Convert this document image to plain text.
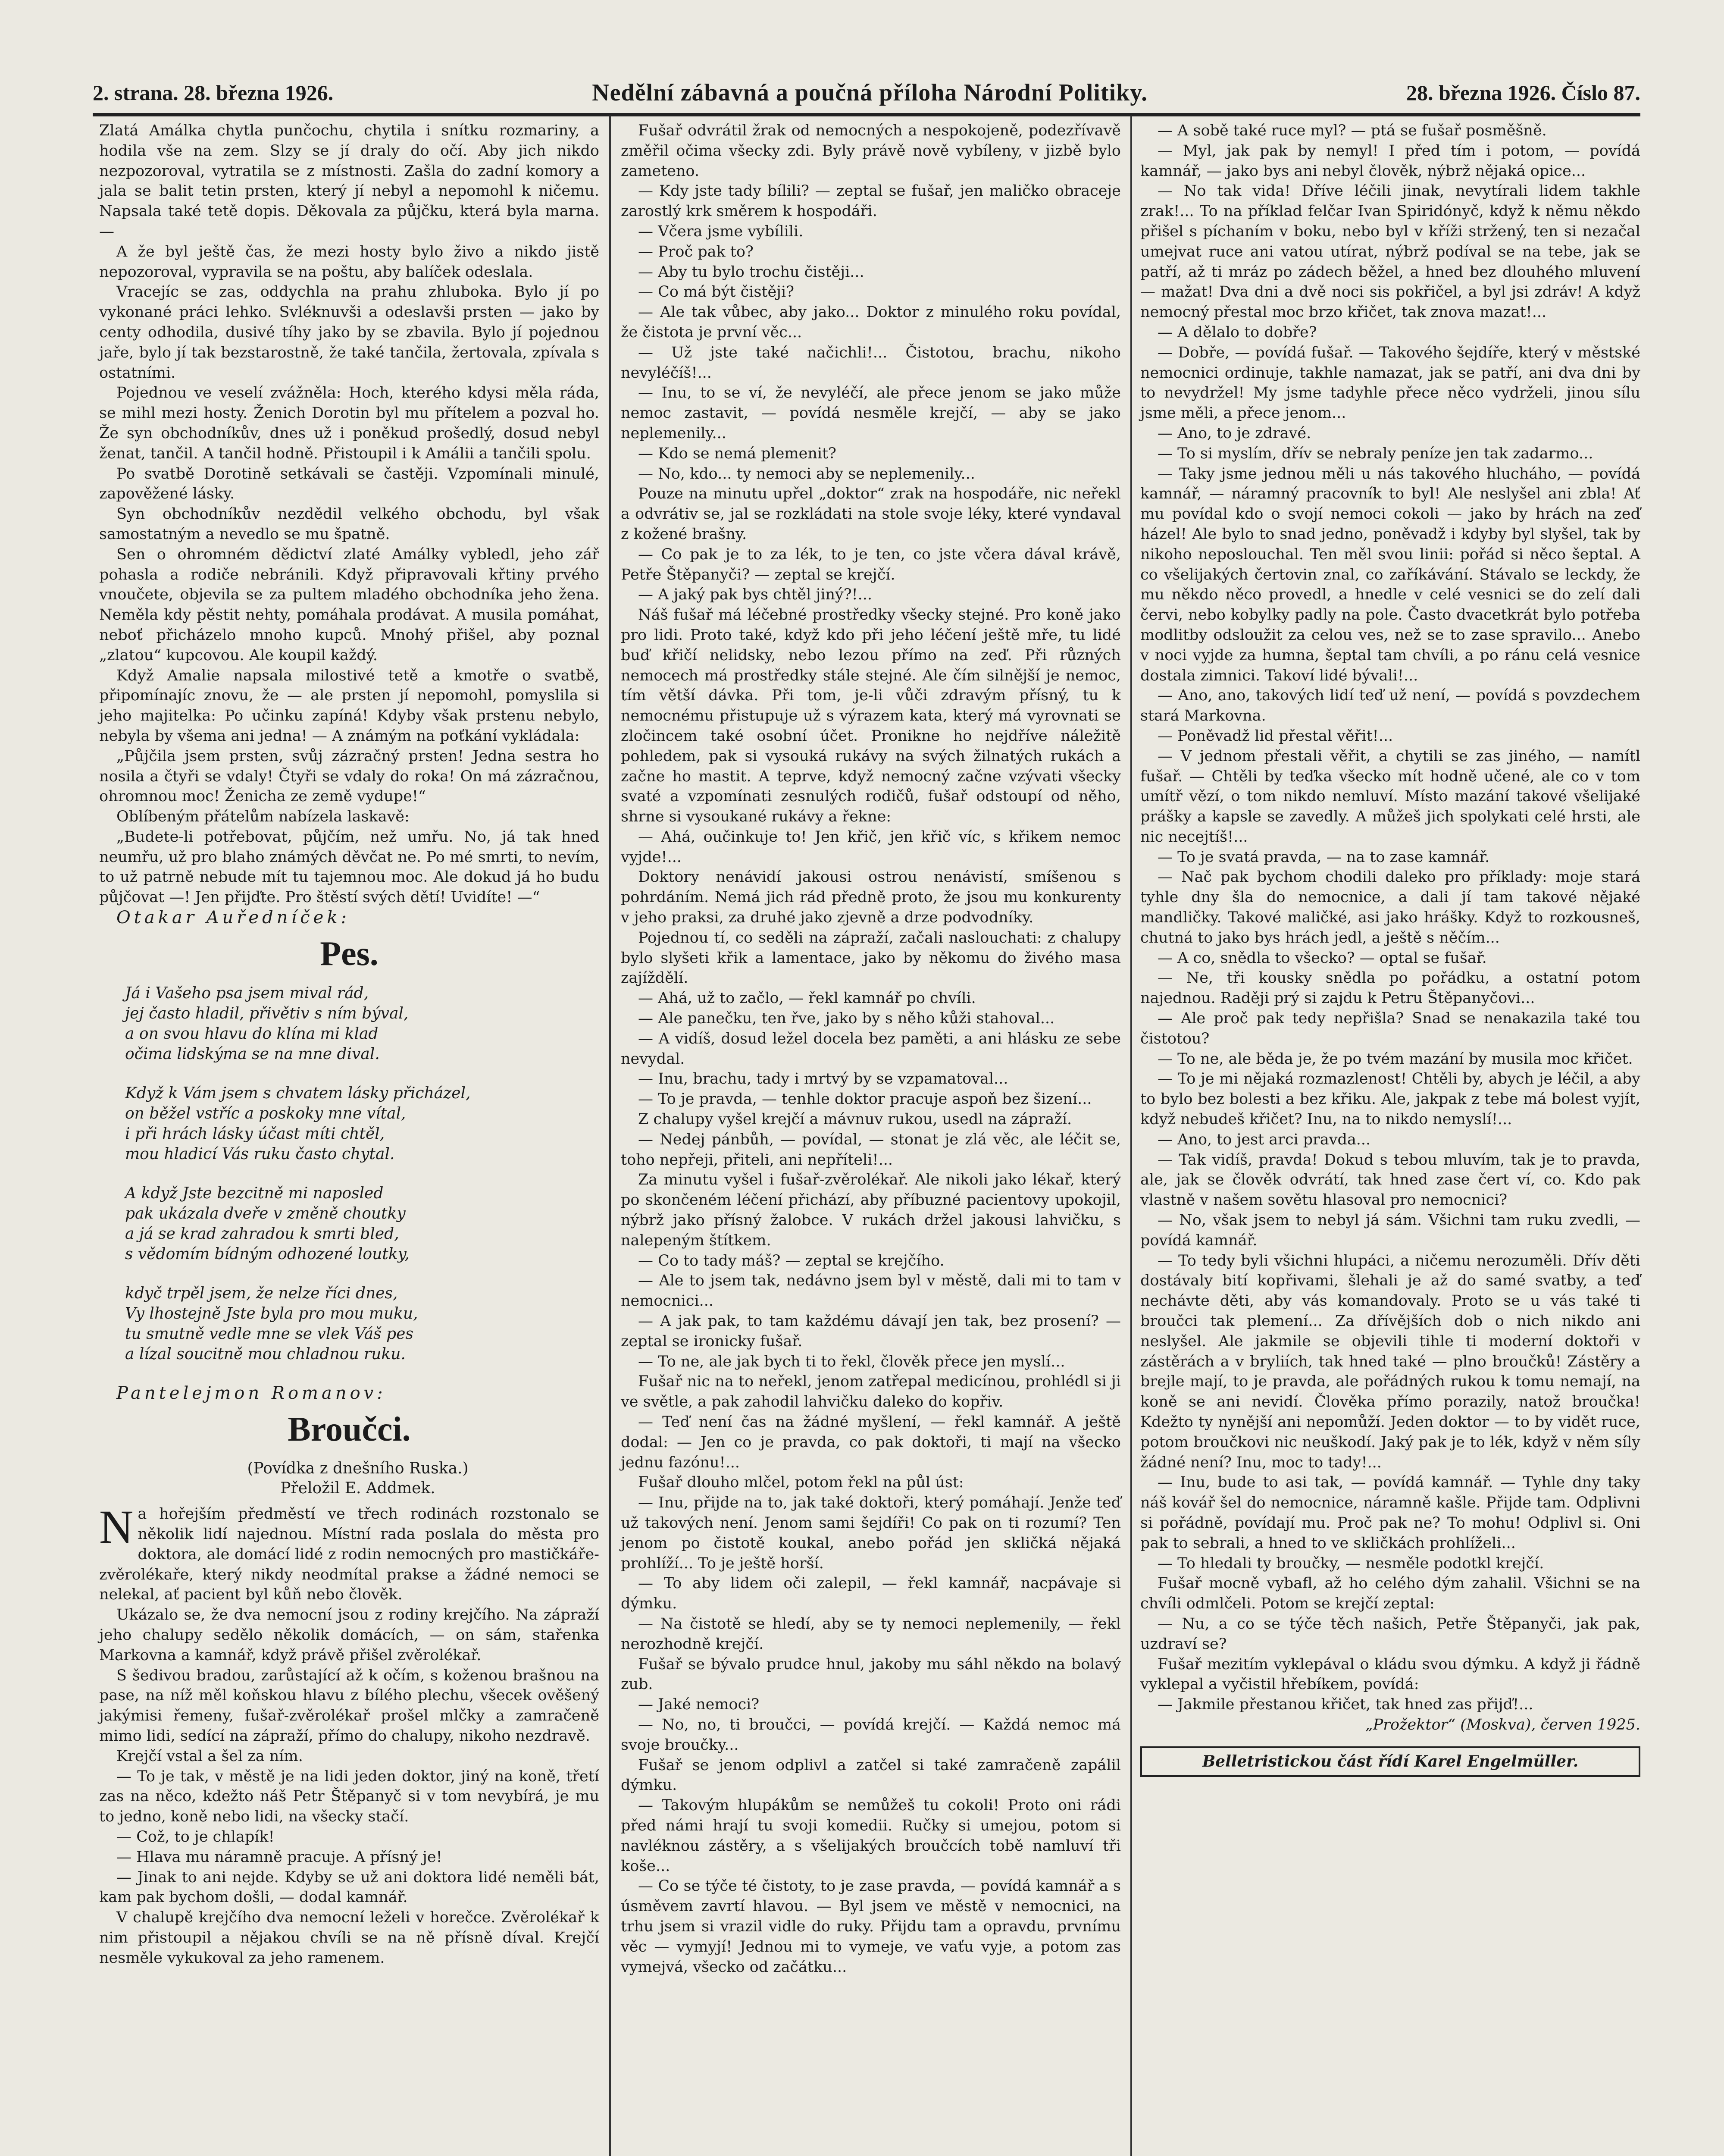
2. strana. 28. března 1926.	Nedělní zábavná a poučná příloha Národní Politiky.	28. března 1926. Číslo 87.

Zlatá Amálka chytla punčochu, chytila i snítku rozmariny, a hodila vše na zem. Slzy se jí draly do očí. Aby jich nikdo nezpozoroval, vytratila se z místnosti. Zašla do zadní komory a jala se balit tetin prsten, který jí nebyl a nepomohl k ničemu. Napsala také tetě dopis. Děkovala za půjčku, která byla marna. —

A že byl ještě čas, že mezi hosty bylo živo a nikdo jistě nepozoroval, vypravila se na poštu, aby balíček odeslala.

Vracejíc se zas, oddychla na prahu zhluboka. Bylo jí po vykonané práci lehko. Svléknuvši a odeslavši prsten — jako by centy odhodila, dusivé tíhy jako by se zbavila. Bylo jí pojednou jaře, bylo jí tak bezstarostně, že také tančila, žertovala, zpívala s ostatními.

Pojednou ve veselí zvážněla: Hoch, kterého kdysi měla ráda, se mihl mezi hosty. Ženich Dorotin byl mu přítelem a pozval ho. Že syn obchodníkův, dnes už i poněkud prošedlý, dosud nebyl ženat, tančil. A tančil hodně. Přistoupil i k Amálii a tančili spolu.

Po svatbě Dorotině setkávali se častěji. Vzpomínali minulé, zapověžené lásky.

Syn obchodníkův nezdědil velkého obchodu, byl však samostatným a nevedlo se mu špatně.

Sen o ohromném dědictví zlaté Amálky vybledl, jeho zář pohasla a rodiče nebránili. Když připravovali křtiny prvého vnoučete, objevila se za pultem mladého obchodníka jeho žena. Neměla kdy pěstit nehty, pomáhala prodávat. A musila pomáhat, neboť přicházelo mnoho kupců. Mnohý přišel, aby poznal „zlatou“ kupcovou. Ale koupil každý.

Když Amalie napsala milostivé tetě a kmotře o svatbě, připomínajíc znovu, že — ale prsten jí nepomohl, pomyslila si jeho majitelka: Po učinku zapíná! Kdyby však prstenu nebylo, nebyla by všema ani jedna! — A známým na poťkání vykládala:

„Půjčila jsem prsten, svůj zázračný prsten! Jedna sestra ho nosila a čtyři se vdaly! Čtyři se vdaly do roka! On má zázračnou, ohromnou moc! Ženicha ze země vydupe!“

Oblíbeným přátelům nabízela laskavě:

„Budete-li potřebovat, půjčím, než umřu. No, já tak hned neumřu, už pro blaho známých děvčat ne. Po mé smrti, to nevím, to už patrně nebude mít tu tajemnou moc. Ale dokud já ho budu půjčovat —! Jen přijďte. Pro štěstí svých dětí! Uvidíte! —“

Otakar Auředníček:

Pes.
Já i Vašeho psa jsem mival rád,
jej často hladil, přivětiv s ním býval,
a on svou hlavu do klína mi klad
očima lidskýma se na mne dival.
Když k Vám jsem s chvatem lásky přicházel,
on běžel vstříc a poskoky mne vítal,
i při hrách lásky účast míti chtěl,
mou hladicí Vás ruku často chytal.
A když Jste bezcitně mi naposled
pak ukázala dveře v změně choutky
a já se krad zahradou k smrti bled,
s vědomím bídným odhozené loutky,
kdyč trpěl jsem, že nelze říci dnes,
Vy lhostejně Jste byla pro mou muku,
tu smutně vedle mne se vlek Váš pes
a lízal soucitně mou chladnou ruku.

Pantelejmon Romanov:

Broučci.

(Povídka z dnešního Ruska.)

Přeložil E. Addmek.

Na hořejším předměstí ve třech rodinách rozstonalo se několik lidí najednou. Místní rada poslala do města pro doktora, ale domácí lidé z rodin nemocných pro mastičkáře-zvěrolékaře, který nikdy neodmítal prakse a žádné nemoci se nelekal, ať pacient byl kůň nebo člověk.

Ukázalo se, že dva nemocní jsou z rodiny krejčího. Na zápraží jeho chalupy sedělo několik domácích, — on sám, stařenka Markovna a kamnář, když právě přišel zvěrolékař.

S šedivou bradou, zarůstající až k očím, s koženou brašnou na pase, na níž měl koňskou hlavu z bílého plechu, všecek ověšený jakýmisi řemeny, fušař-zvěrolékař prošel mlčky a zamračeně mimo lidi, sedící na zápraží, přímo do chalupy, nikoho nezdravě.

Krejčí vstal a šel za ním.

— To je tak, v městě je na lidi jeden doktor, jiný na koně, třetí zas na něco, kdežto náš Petr Štěpanyč si v tom nevybírá, je mu to jedno, koně nebo lidi, na všecky stačí.

— Což, to je chlapík!

— Hlava mu náramně pracuje. A přísný je!

— Jinak to ani nejde. Kdyby se už ani doktora lidé neměli bát, kam pak bychom došli, — dodal kamnář.

V chalupě krejčího dva nemocní leželi v horečce. Zvěrolékař k nim přistoupil a nějakou chvíli se na ně přísně díval. Krejčí nesměle vykukoval za jeho ramenem.

Fušař odvrátil žrak od nemocných a nespokojeně, podezřívavě změřil očima všecky zdi. Byly právě nově vybíleny, v jizbě bylo zameteno.

— Kdy jste tady bílili? — zeptal se fušař, jen maličko obraceje zarostlý krk směrem k hospodáři.

— Včera jsme vybílili.

— Proč pak to?

— Aby tu bylo trochu čistěji...

— Co má být čistěji?

— Ale tak vůbec, aby jako... Doktor z minulého roku povídal, že čistota je první věc...

— Už jste také načichli!... Čistotou, brachu, nikoho nevyléčíš!...

— Inu, to se ví, že nevyléčí, ale přece jenom se jako může nemoc zastavit, — povídá nesměle krejčí, — aby se jako neplemenily...

— Kdo se nemá plemenit?

— No, kdo... ty nemoci aby se neplemenily...

Pouze na minutu upřel „doktor“ zrak na hospodáře, nic neřekl a odvrátiv se, jal se rozkládati na stole svoje léky, které vyndaval z kožené brašny.

— Co pak je to za lék, to je ten, co jste včera dával krávě, Petře Štěpanyči? — zeptal se krejčí.

— A jaký pak bys chtěl jiný?!...

Náš fušař má léčebné prostředky všecky stejné. Pro koně jako pro lidi. Proto také, když kdo při jeho léčení ještě mře, tu lidé buď křičí nelidsky, nebo lezou přímo na zeď. Při různých nemocech má prostředky stále stejné. Ale čím silnější je nemoc, tím větší dávka. Při tom, je-li vůči zdravým přísný, tu k nemocnému přistupuje už s výrazem kata, který má vyrovnati se zločincem také osobní účet. Pronikne ho nejdříve náležitě pohledem, pak si vysouká rukávy na svých žilnatých rukách a začne ho mastit. A teprve, když nemocný začne vzývati všecky svaté a vzpomínati zesnulých rodičů, fušař odstoupí od něho, shrne si vysoukané rukávy a řekne:

— Ahá, oučinkuje to! Jen křič, jen křič víc, s křikem nemoc vyjde!...

Doktory nenávidí jakousi ostrou nenávistí, smíšenou s pohrdáním. Nemá jich rád předně proto, že jsou mu konkurenty v jeho praksi, za druhé jako zjevně a drze podvodníky.

Pojednou tí, co seděli na zápraží, začali naslouchati: z chalupy bylo slyšeti křik a lamentace, jako by někomu do živého masa zajíždělí.

— Ahá, už to začlo, — řekl kamnář po chvíli.

— Ale panečku, ten řve, jako by s něho kůži stahoval...

— A vidíš, dosud ležel docela bez paměti, a ani hlásku ze sebe nevydal.

— Inu, brachu, tady i mrtvý by se vzpamatoval...

— To je pravda, — tenhle doktor pracuje aspoň bez šizení...

Z chalupy vyšel krejčí a mávnuv rukou, usedl na zápraží.

— Nedej pánbůh, — povídal, — stonat je zlá věc, ale léčit se, toho nepřeji, přiteli, ani nepříteli!...

Za minutu vyšel i fušař-zvěrolékař. Ale nikoli jako lékař, který po skončeném léčení přichází, aby příbuzné pacientovy upokojil, nýbrž jako přísný žalobce. V rukách držel jakousi lahvičku, s nalepeným štítkem.

— Co to tady máš? — zeptal se krejčího.

— Ale to jsem tak, nedávno jsem byl v městě, dali mi to tam v nemocnici...

— A jak pak, to tam každému dávají jen tak, bez prosení? — zeptal se ironicky fušař.

— To ne, ale jak bych ti to řekl, člověk přece jen myslí...

Fušař nic na to neřekl, jenom zatřepal medicínou, prohlédl si ji ve světle, a pak zahodil lahvičku daleko do kopřiv.

— Teď není čas na žádné myšlení, — řekl kamnář. A ještě dodal: — Jen co je pravda, co pak doktoři, ti mají na všecko jednu fazónu!...

Fušař dlouho mlčel, potom řekl na půl úst:

— Inu, přijde na to, jak také doktoři, který pomáhají. Jenže teď už takových není. Jenom sami šejdíři! Co pak on ti rozumí? Ten jenom po čistotě koukal, anebo pořád jen skličká nějaká prohlíží... To je ještě horší.

— To aby lidem oči zalepil, — řekl kamnář, nacpávaje si dýmku.

— Na čistotě se hledí, aby se ty nemoci neplemenily, — řekl nerozhodně krejčí.

Fušař se bývalo prudce hnul, jakoby mu sáhl někdo na bolavý zub.

— Jaké nemoci?

— No, no, ti broučci, — povídá krejčí. — Každá nemoc má svoje broučky...

Fušař se jenom odplivl a zatčel si také zamračeně zapálil dýmku.

— Takovým hlupákům se nemůžeš tu cokoli! Proto oni rádi před námi hrají tu svoji komedii. Ručky si umejou, potom si navléknou zástěry, a s všelijakých broučcích tobě namluví tři koše...

— Co se týče té čistoty, to je zase pravda, — povídá kamnář a s úsměvem zavrtí hlavou. — Byl jsem ve městě v nemocnici, na trhu jsem si vrazil vidle do ruky. Přijdu tam a opravdu, prvnímu věc — vymyjí! Jednou mi to vymeje, ve vaťu vyje, a potom zas vymejvá, všecko od začátku...

— A sobě také ruce myl? — ptá se fušař posměšně.

— Myl, jak pak by nemyl! I před tím i potom, — povídá kamnář, — jako bys ani nebyl člověk, nýbrž nějaká opice...

— No tak vida! Dříve léčili jinak, nevytírali lidem takhle zrak!... To na příklad felčar Ivan Spiridónyč, když k němu někdo přišel s píchaním v boku, nebo byl v kříži stržený, ten si nezačal umejvat ruce ani vatou utírat, nýbrž podíval se na tebe, jak se patří, až ti mráz po zádech běžel, a hned bez dlouhého mluvení — mažat! Dva dni a dvě noci sis pokřičel, a byl jsi zdráv! A když nemocný přestal moc brzo křičet, tak znova mazat!...

— A dělalo to dobře?

— Dobře, — povídá fušař. — Takového šejdíře, který v městské nemocnici ordinuje, takhle namazat, jak se patří, ani dva dni by to nevydržel! My jsme tadyhle přece něco vydrželi, jinou sílu jsme měli, a přece jenom...

— Ano, to je zdravé.

— To si myslím, dřív se nebraly peníze jen tak zadarmo...

— Taky jsme jednou měli u nás takového hlucháho, — povídá kamnář, — náramný pracovník to byl! Ale neslyšel ani zbla! Ať mu povídal kdo o svojí nemoci cokoli — jako by hrách na zeď házel! Ale bylo to snad jedno, poněvadž i kdyby byl slyšel, tak by nikoho neposlouchal. Ten měl svou linii: pořád si něco šeptal. A co všelijakých čertovin znal, co zaříkávání. Stávalo se leckdy, že mu někdo něco provedl, a hnedle v celé vesnici se do zelí dali červi, nebo kobylky padly na pole. Často dvacetkrát bylo potřeba modlitby odsloužit za celou ves, než se to zase spravilo... Anebo v noci vyjde za humna, šeptal tam chvíli, a po ránu celá vesnice dostala zimnici. Takoví lidé bývali!...

— Ano, ano, takových lidí teď už není, — povídá s povzdechem stará Markovna.

— Poněvadž lid přestal věřit!...

— V jednom přestali věřit, a chytili se zas jiného, — namítl fušař. — Chtěli by teďka všecko mít hodně učené, ale co v tom umítř vězí, o tom nikdo nemluví. Místo mazání takové všelijaké prášky a kapsle se zavedly. A můžeš jich spolykati celé hrsti, ale nic necejtíš!...

— To je svatá pravda, — na to zase kamnář.

— Nač pak bychom chodili daleko pro příklady: moje stará tyhle dny šla do nemocnice, a dali jí tam takové nějaké mandličky. Takové maličké, asi jako hrášky. Když to rozkousneš, chutná to jako bys hrách jedl, a ještě s něčím...

— A co, snědla to všecko? — optal se fušař.

— Ne, tři kousky snědla po pořádku, a ostatní potom najednou. Raději prý si zajdu k Petru Štěpanyčovi...

— Ale proč pak tedy nepřišla? Snad se nenakazila také tou čistotou?

— To ne, ale běda je, že po tvém mazání by musila moc křičet.

— To je mi nějaká rozmazlenost! Chtěli by, abych je léčil, a aby to bylo bez bolesti a bez křiku. Ale, jakpak z tebe má bolest vyjít, když nebudeš křičet? Inu, na to nikdo nemyslí!...

— Ano, to jest arci pravda...

— Tak vidíš, pravda! Dokud s tebou mluvím, tak je to pravda, ale, jak se člověk odvrátí, tak hned zase čert ví, co. Kdo pak vlastně v našem sovětu hlasoval pro nemocnici?

— No, však jsem to nebyl já sám. Všichni tam ruku zvedli, — povídá kamnář.

— To tedy byli všichni hlupáci, a ničemu nerozuměli. Dřív děti dostávaly bití kopřivami, šlehali je až do samé svatby, a teď nechávte děti, aby vás komandovaly. Proto se u vás také ti broučci tak plemení... Za dřívějších dob o nich nikdo ani neslyšel. Ale jakmile se objevili tihle ti moderní doktoři v zástěrách a v bryliích, tak hned také — plno broučků! Zástěry a brejle mají, to je pravda, ale pořádných rukou k tomu nemají, na koně se ani nevidí. Člověka přímo porazily, natož broučka! Kdežto ty nynější ani nepomůží. Jeden doktor — to by vidět ruce, potom broučkovi nic neuškodí. Jaký pak je to lék, když v něm síly žádné není? Inu, moc to tady!...

— Inu, bude to asi tak, — povídá kamnář. — Tyhle dny taky náš kovář šel do nemocnice, náramně kašle. Přijde tam. Odplivni si pořádně, povídají mu. Proč pak ne? To mohu! Odplivl si. Oni pak to sebrali, a hned to ve skličkách prohlíželi...

— To hledali ty broučky, — nesměle podotkl krejčí.

Fušař mocně vybafl, až ho celého dým zahalil. Všichni se na chvíli odmlčeli. Potom se krejčí zeptal:

— Nu, a co se týče těch našich, Petře Štěpanyči, jak pak, uzdraví se?

Fušař mezitím vyklepával o kládu svou dýmku. A když ji řádně vyklepal a vyčistil hřebíkem, povídá:

— Jakmile přestanou křičet, tak hned zas přijď!...

„Prožektor“ (Moskva), červen 1925.

Belletristickou část řídí Karel Engelmüller.
